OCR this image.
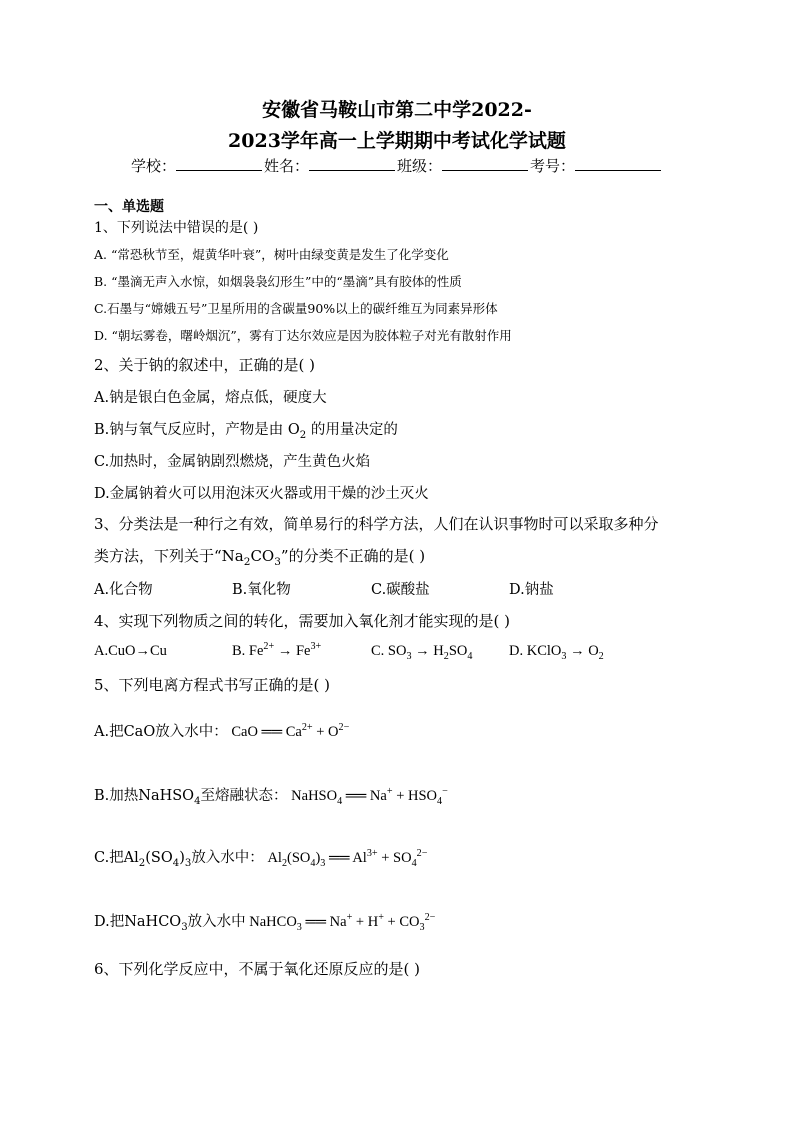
安徽省马鞍山市第二中学2022-
2023学年高一上学期期中考试化学试题
学校：	姓名：	班级：	考号：
一、单选题
1、下列说法中错误的是( )
A. “常恐秋节至，焜黄华叶衰”，树叶由绿变黄是发生了化学变化
B. “墨滴无声入水惊，如烟袅袅幻形生”中的“墨滴”具有胶体的性质
C.石墨与“嫦娥五号”卫星所用的含碳量90%以上的碳纤维互为同素异形体
D. “朝坛雾卷，曙岭烟沉”，雾有丁达尔效应是因为胶体粒子对光有散射作用
2、关于钠的叙述中，正确的是( )
A.钠是银白色金属，熔点低，硬度大
B.钠与氧气反应时，产物是由 $O_2$ 的用量决定的
C.加热时，金属钠剧烈燃烧，产生黄色火焰
D.金属钠着火可以用泡沫灭火器或用干燥的沙土灭火
3、分类法是一种行之有效，简单易行的科学方法，人们在认识事物时可以采取多种分
类方法，下列关于“$Na_2CO_3$”的分类不正确的是( )
A.化合物	B.氧化物	C.碳酸盐	D.钠盐
4、实现下列物质之间的转化，需要加入氧化剂才能实现的是( )
A.CuO→Cu	B. $Fe^{2+} \to Fe^{3+}$	C. $SO_3 \to H_2SO_4$	D. KClO$_3$ → $O_2$
5、下列电离方程式书写正确的是( )
A.把CaO放入水中： CaO ══ $Ca^{2+} + O^{2-}$
B.加热NaHSO$_4$至熔融状态： NaHSO$_4$ ══ $Na^+ + HSO_4^-$
C.把$Al_2(SO_4)_3$放入水中： $Al_2(SO_4)_3$ ══ $Al^{3+} + SO_4^{2-}$
D.把NaHCO$_3$放入水中 NaHCO$_3$ ══ $Na^+ + H^+ + CO_3^{2-}$
6、下列化学反应中，不属于氧化还原反应的是( )
